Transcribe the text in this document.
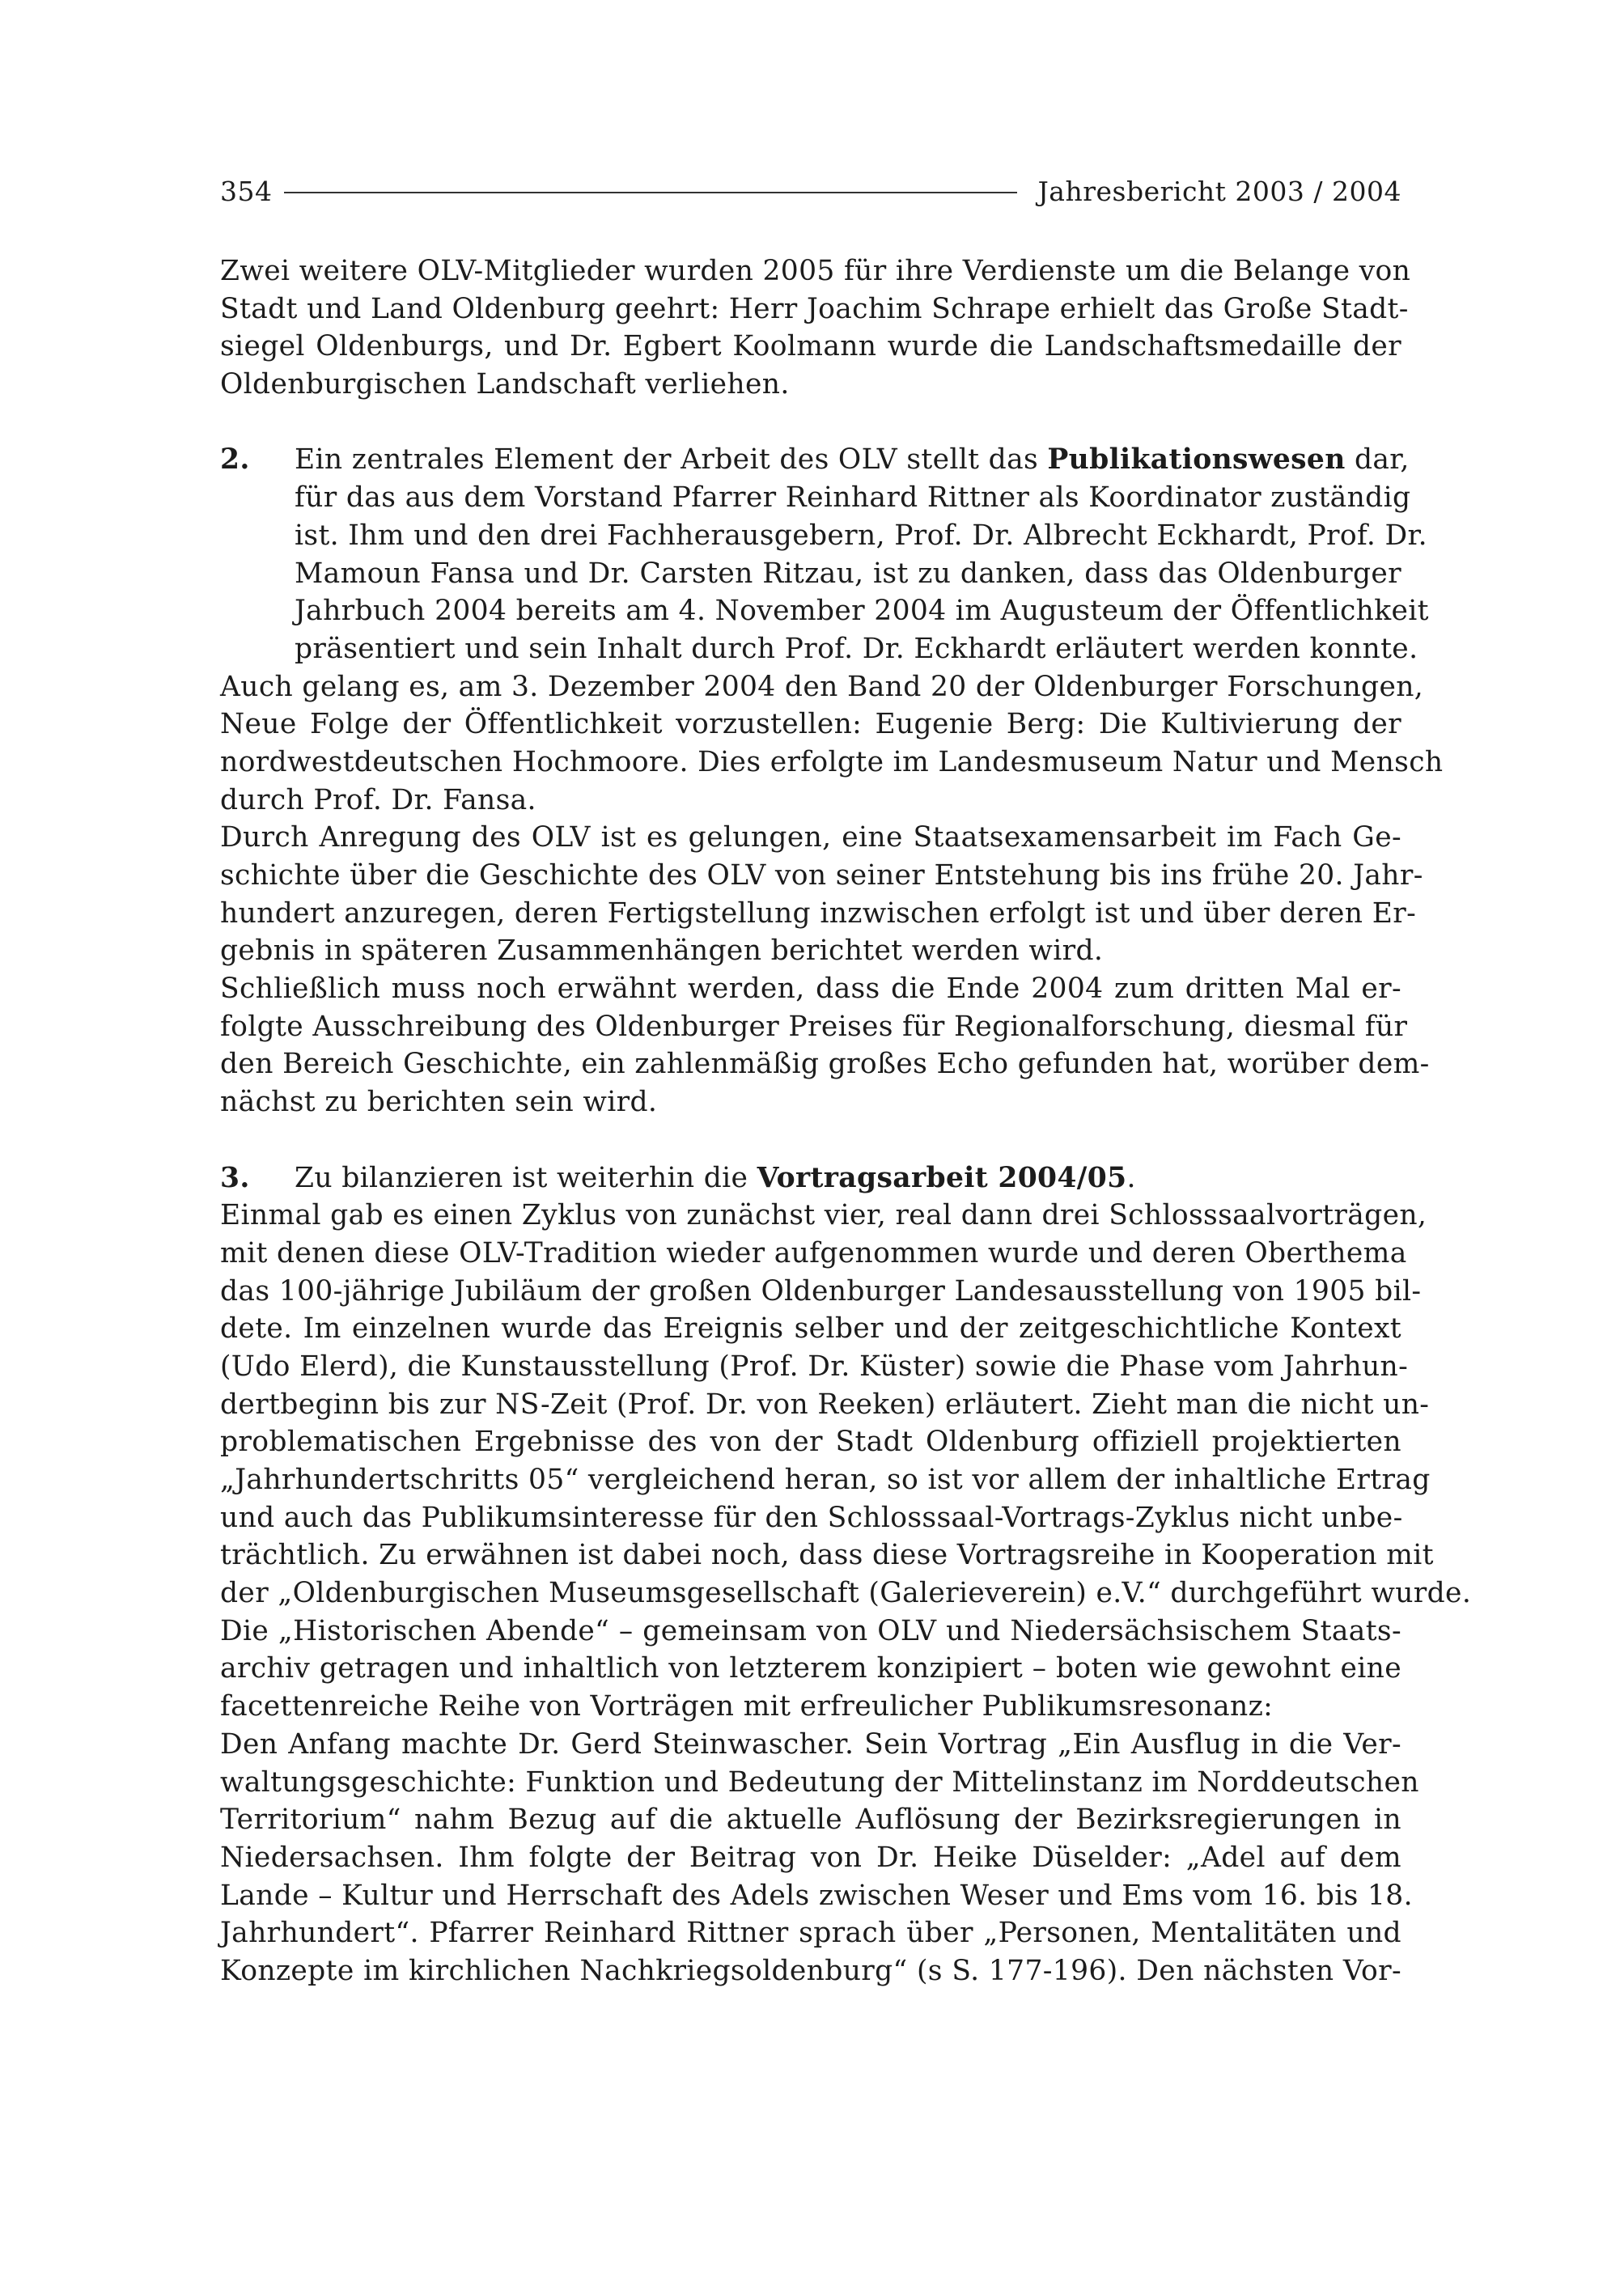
354	Jahresbericht 2003 / 2004
Zwei weitere OLV-Mitglieder wurden 2005 für ihre Verdienste um die Belange von
Stadt und Land Oldenburg geehrt: Herr Joachim Schrape erhielt das Große Stadt-
siegel Oldenburgs, und Dr. Egbert Koolmann wurde die Landschaftsmedaille der
Oldenburgischen Landschaft verliehen.
2.	Ein zentrales Element der Arbeit des OLV stellt das Publikationswesen dar,
für das aus dem Vorstand Pfarrer Reinhard Rittner als Koordinator zuständig
ist. Ihm und den drei Fachherausgebern, Prof. Dr. Albrecht Eckhardt, Prof. Dr.
Mamoun Fansa und Dr. Carsten Ritzau, ist zu danken, dass das Oldenburger
Jahrbuch 2004 bereits am 4. November 2004 im Augusteum der Öffentlichkeit
präsentiert und sein Inhalt durch Prof. Dr. Eckhardt erläutert werden konnte.
Auch gelang es, am 3. Dezember 2004 den Band 20 der Oldenburger Forschungen,
Neue Folge der Öffentlichkeit vorzustellen: Eugenie Berg: Die Kultivierung der
nordwestdeutschen Hochmoore. Dies erfolgte im Landesmuseum Natur und Mensch
durch Prof. Dr. Fansa.
Durch Anregung des OLV ist es gelungen, eine Staatsexamensarbeit im Fach Ge-
schichte über die Geschichte des OLV von seiner Entstehung bis ins frühe 20. Jahr-
hundert anzuregen, deren Fertigstellung inzwischen erfolgt ist und über deren Er-
gebnis in späteren Zusammenhängen berichtet werden wird.
Schließlich muss noch erwähnt werden, dass die Ende 2004 zum dritten Mal er-
folgte Ausschreibung des Oldenburger Preises für Regionalforschung, diesmal für
den Bereich Geschichte, ein zahlenmäßig großes Echo gefunden hat, worüber dem-
nächst zu berichten sein wird.
3.	Zu bilanzieren ist weiterhin die Vortragsarbeit 2004/05.
Einmal gab es einen Zyklus von zunächst vier, real dann drei Schlosssaalvorträgen,
mit denen diese OLV-Tradition wieder aufgenommen wurde und deren Oberthema
das 100-jährige Jubiläum der großen Oldenburger Landesausstellung von 1905 bil-
dete. Im einzelnen wurde das Ereignis selber und der zeitgeschichtliche Kontext
(Udo Elerd), die Kunstausstellung (Prof. Dr. Küster) sowie die Phase vom Jahrhun-
dertbeginn bis zur NS-Zeit (Prof. Dr. von Reeken) erläutert. Zieht man die nicht un-
problematischen Ergebnisse des von der Stadt Oldenburg offiziell projektierten
„Jahrhundertschritts 05“ vergleichend heran, so ist vor allem der inhaltliche Ertrag
und auch das Publikumsinteresse für den Schlosssaal-Vortrags-Zyklus nicht unbe-
trächtlich. Zu erwähnen ist dabei noch, dass diese Vortragsreihe in Kooperation mit
der „Oldenburgischen Museumsgesellschaft (Galerieverein) e.V.“ durchgeführt wurde.
Die „Historischen Abende“ – gemeinsam von OLV und Niedersächsischem Staats-
archiv getragen und inhaltlich von letzterem konzipiert – boten wie gewohnt eine
facettenreiche Reihe von Vorträgen mit erfreulicher Publikumsresonanz:
Den Anfang machte Dr. Gerd Steinwascher. Sein Vortrag „Ein Ausflug in die Ver-
waltungsgeschichte: Funktion und Bedeutung der Mittelinstanz im Norddeutschen
Territorium“ nahm Bezug auf die aktuelle Auflösung der Bezirksregierungen in
Niedersachsen. Ihm folgte der Beitrag von Dr. Heike Düselder: „Adel auf dem
Lande – Kultur und Herrschaft des Adels zwischen Weser und Ems vom 16. bis 18.
Jahrhundert“. Pfarrer Reinhard Rittner sprach über „Personen, Mentalitäten und
Konzepte im kirchlichen Nachkriegsoldenburg“ (s S. 177-196). Den nächsten Vor-
